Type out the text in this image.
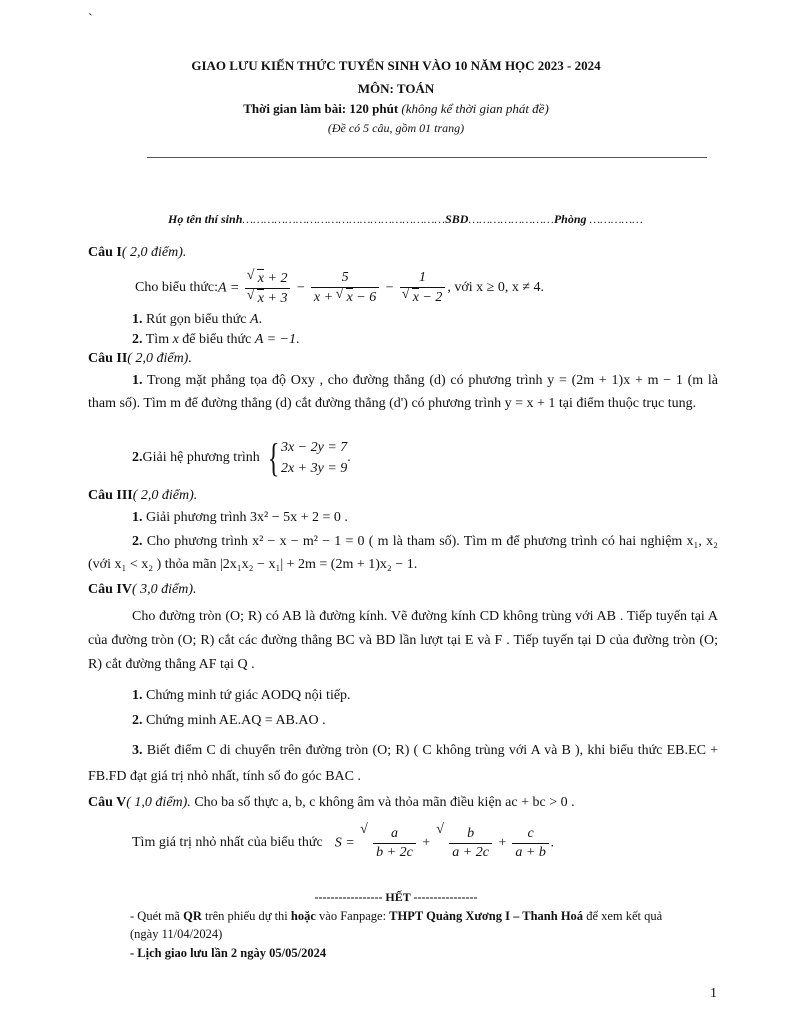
`
GIAO LƯU KIẾN THỨC TUYỂN SINH VÀO 10 NĂM HỌC 2023 - 2024
MÔN: TOÁN
Thời gian làm bài: 120 phút (không kể thời gian phát đề)
(Đề có 5 câu, gồm 01 trang)
Họ tên thí sinh…………………………………………………SBD……………………Phòng ……………
Câu I( 2,0 điểm).
Cho biểu thức: A = √ x + 2
√ $x + 3 - \frac{5}{x + √ x - 6} - 1$
√ x − 2 , với x ≥ 0, x ≠ 4.
1. Rút gọn biểu thức A.
2. Tìm x để biểu thức A = −1.
Câu II( 2,0 điểm).
1. Trong mặt phẳng tọa độ Oxy , cho đường thẳng (d) có phương trình y = (2m + 1)x + m − 1 (m là tham số). Tìm m để đường thẳng (d) cắt đường thẳng (d') có phương trình y = x + 1 tại điểm thuộc trục tung.
2. Giải hệ phương trình { 3x − 2y = 7
2x + 3y = 9
.
Câu III( 2,0 điểm).
1. Giải phương trình 3x² − 5x + 2 = 0 .
2. Cho phương trình x² − x − m² − 1 = 0 ( m là tham số). Tìm m để phương trình có hai nghiệm x₁, x₂ (với x₁ < x₂ ) thỏa mãn |2x₁x₂ − x₁| + 2m = (2m + 1)x₂ − 1.
Câu IV( 3,0 điểm).
Cho đường tròn (O; R) có AB là đường kính. Vẽ đường kính CD không trùng với AB . Tiếp tuyến tại A của đường tròn (O; R) cắt các đường thẳng BC và BD lần lượt tại E và F . Tiếp tuyến tại D của đường tròn (O; R) cắt đường thẳng AF tại Q .
1. Chứng minh tứ giác AODQ nội tiếp.
2. Chứng minh AE.AQ = AB.AO .
3. Biết điểm C di chuyển trên đường tròn (O; R) ( C không trùng với A và B ), khi biểu thức EB.EC + FB.FD đạt giá trị nhỏ nhất, tính số đo góc BAC .
Câu V( 1,0 điểm). Cho ba số thực a, b, c không âm và thỏa mãn điều kiện ac + bc > 0 .
Tìm giá trị nhỏ nhất của biểu thức S = √ $\frac{a}{b + 2c}$ + √ $\frac{b}{a + 2c} + \frac{c}{a + b}$ .
----------------- HẾT ----------------
- Quét mã QR trên phiếu dự thi hoặc vào Fanpage: THPT Quảng Xương I – Thanh Hoá để xem kết quả
(ngày 11/04/2024)
- Lịch giao lưu lần 2 ngày 05/05/2024
1
